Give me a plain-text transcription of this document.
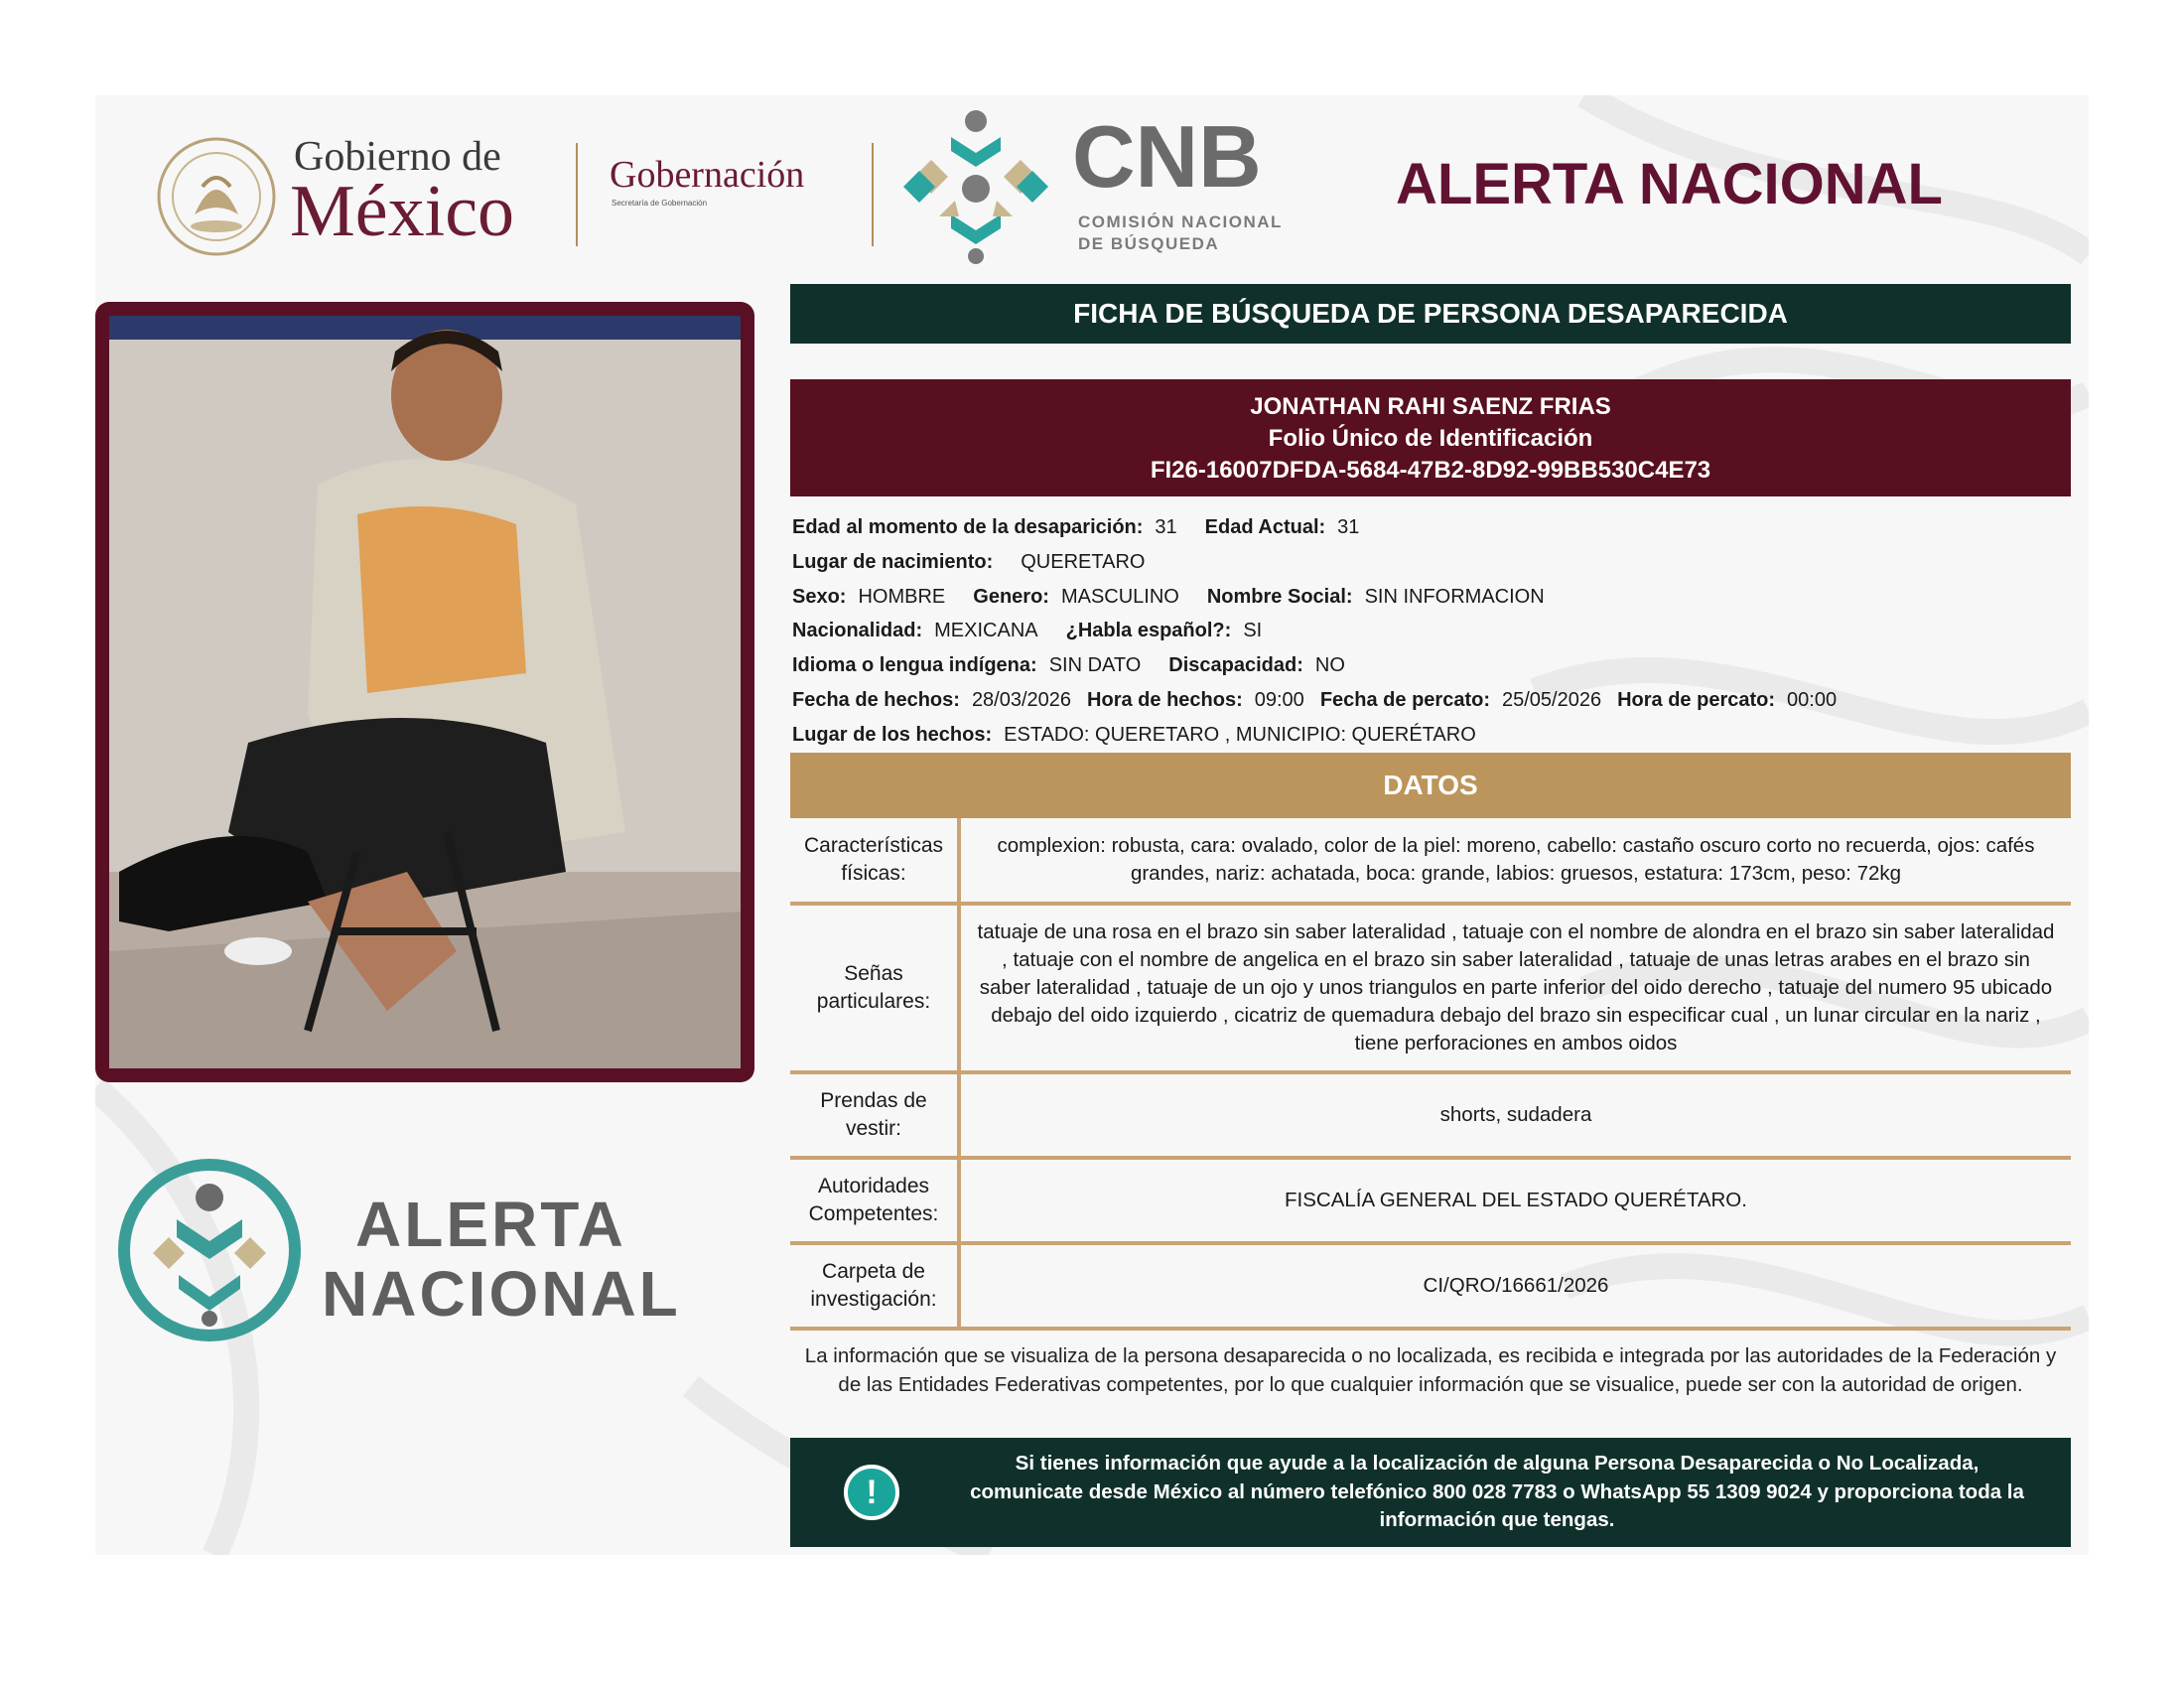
Gobierno de
México	Gobernación
Secretaría de Gobernación	CNB
COMISIÓN NACIONAL
DE BÚSQUEDA
ALERTA NACIONAL
ALERTA
NACIONAL
FICHA DE BÚSQUEDA DE PERSONA DESAPARECIDA
JONATHAN RAHI SAENZ FRIAS
Folio Único de Identificación
FI26-16007DFDA-5684-47B2-8D92-99BB530C4E73
Edad al momento de la desaparición: 31 Edad Actual: 31
Lugar de nacimiento: QUERETARO
Sexo: HOMBRE Genero: MASCULINO Nombre Social: SIN INFORMACION
Nacionalidad: MEXICANA ¿Habla español?: SI
Idioma o lengua indígena: SIN DATO Discapacidad: NO
Fecha de hechos: 28/03/2026 Hora de hechos: 09:00 Fecha de percato: 25/05/2026 Hora de percato: 00:00
Lugar de los hechos: ESTADO: QUERETARO , MUNICIPIO: QUERÉTARO
DATOS
Características físicas:
complexion: robusta, cara: ovalado, color de la piel: moreno, cabello: castaño oscuro corto no recuerda, ojos: cafés grandes, nariz: achatada, boca: grande, labios: gruesos, estatura: 173cm, peso: 72kg
Señas particulares:
tatuaje de una rosa en el brazo sin saber lateralidad , tatuaje con el nombre de alondra en el brazo sin saber lateralidad , tatuaje con el nombre de angelica en el brazo sin saber lateralidad , tatuaje de unas letras arabes en el brazo sin saber lateralidad , tatuaje de un ojo y unos triangulos en parte inferior del oido derecho , tatuaje del numero 95 ubicado debajo del oido izquierdo , cicatriz de quemadura debajo del brazo sin especificar cual , un lunar circular en la nariz , tiene perforaciones en ambos oidos
Prendas de vestir:
shorts, sudadera
Autoridades Competentes:
FISCALÍA GENERAL DEL ESTADO QUERÉTARO.
Carpeta de investigación:
CI/QRO/16661/2026
La información que se visualiza de la persona desaparecida o no localizada, es recibida e integrada por las autoridades de la Federación y de las Entidades Federativas competentes, por lo que cualquier información que se visualice, puede ser con la autoridad de origen.
!
Si tienes información que ayude a la localización de alguna Persona Desaparecida o No Localizada, comunicate desde México al número telefónico 800 028 7783 o WhatsApp 55 1309 9024 y proporciona toda la información que tengas.
